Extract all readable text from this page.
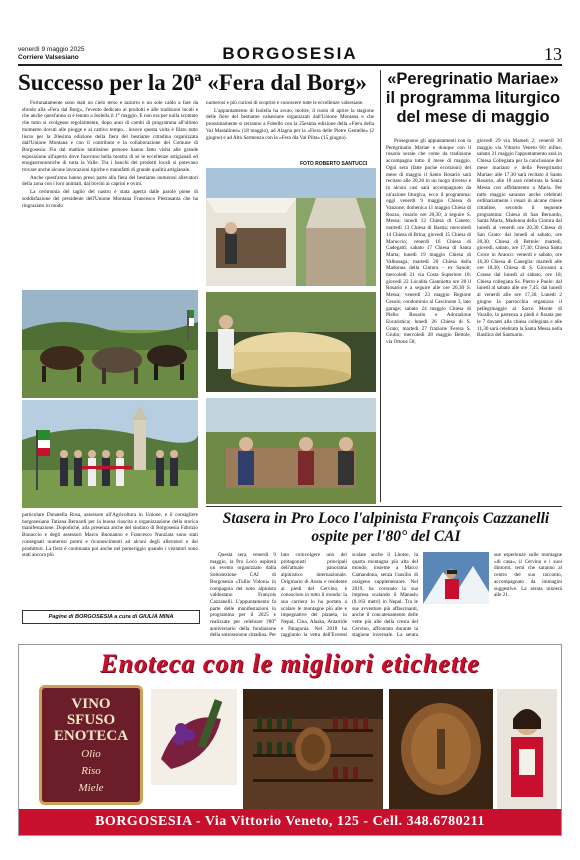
venerdì 9 maggio 2025
Corriere Valsesiano	BORGOSESIA	13
Successo per la 20ª «Fera dal Borg»

Fortunatamente sono stati un cielo terso e azzurro e un sole caldo a fare da sfondo alla «Fera dal Borg», l'evento dedicato ai prodotti e alle tradizioni locali e che anche quest'anno si è tenuto a Isolella il 1° maggio. E non era per nulla scontato che tutto si svolgesse regolarmente, dopo anni di cambi di programma all'ultimo momento dovuti alle piogge e al cattivo tempo... invece questa volta è filato tutto liscio per la 20esima edizione della fiera del bestiame cittadina organizzata dall'Unione Montana e con il contributo e la collaborazione del Comune di Borgosesia. Fin dal mattino tantissime persone hanno fatto visita alle grande esposizione all'aperto dove facevano bella mostra di sé le eccellenze artigianali ed enogastronomiche di tutta la Valle. Tra i banchi dei prodotti locali si potevano trovare anche alcune lavorazioni tipiche e manufatti di grande qualità artigianale.

Anche quest'anno hanno preso parte alla fiera del bestiame numerosi allevatori della zona con i loro animali, dai bovini ai caprini e ovini.

La cerimonia del taglio del nastro è stata aperta dalle parole piene di soddisfazione del presidente dell'Unione Montana Francesco Pietrasanta che ha ringraziato in modo

numerosi e più curiosi di scoprire e conoscere tutte le eccellenze valsesiane.

L'appuntamento di Isolella ha avuto, inoltre, il ruolo di aprire la stagione delle fiere del bestiame valsesiane organizzati dall'Unione Montana e che prossimamente si terranno a Fobello con la 25esima edizione della «Fiera della Val Mastallone» (18 maggio), ad Alagna per la «Fiera delle Pietre Gemelle» (2 giugno) e ad Alto Sermenza con la «Fera dla Val Piita» (15 giugno).

FOTO ROBERTO SANTUCCI

particolare Donatella Rosa, assessore all'Agricoltura in Unione, e il consigliere borgosesiano Tatiana Bernardi per la buona riuscita e organizzazione della storica manifestazione. Dopodiché, alla presenza anche del sindaco di Borgosesia Fabrizio Bonaccio e degli assessori Marco Buonanno e Francesco Nunziata sono stati consegnati numerosi premi e riconoscimenti ad alcuni degli allevatori e dei produttori. La fiera è continuata poi anche nel pomeriggio quando i visitatori sono stati ancora più

Pagine di BORGOSESIA a cura di GIULIA MINA
«Peregrinatio Mariae» il programma liturgico del mese di maggio

Proseguono gli appuntamenti con la Peregrinatio Mariae e dunque con il rosario serale che come da tradizione accompagna tutto il mese di maggio. Ogni sera (fatte poche eccezioni) del mese di maggio il Santo Rosario sarà recitato alle 20,30 in un luogo diverso e in alcuni casi sarà accompagnato da un'azione liturgica, ecco il programma: oggi venerdì 9 maggio Chiesa di Vanzone; domenica 11 maggio Chiesa di Rozzo, rosario ore 20,30, a seguire S. Messa; lunedì 12 Chiesa di Caneto; martedì 13 Chiesa di Bastia; mercoledì 14 Chiesa di Brina; giovedì 15 Chiesa di Maruccio; venerdì 16 Chiesa di Cadegatti; sabato 17 Chiesa di Santa Marta; lunedì 19 maggio Chiesa di Valbusaga; martedì 20 Chiesa della Madonna della Cintura – ex Sanoit; mercoledì 21 via Costa Superiore 18; giovedì 22 Località Giannietta ore 20 il Rosario e a seguire alle ore 20,30 S. Messa; venerdì 23 maggio Regione Cesolo, condominio al Cascinone 3, lato garage; sabato 24 maggio Chiesa di Plello: Rosario e Adorazione Eucaristica; lunedì 26 Chiesa di S. Grato; martedì 27 frazione Ferera S. Giulio; mercoledì 28 maggio Bettole, via Ottone 58;

giovedì 29 via Mameli 2; venerdì 30 maggio via Vittorio Veneto 60; infine, sabato 31 maggio l'appuntamento sarà in Chiesa Collegiata per la conclusione del mese mariano e della Peregrinatio Mariae: alle 17,30 sarà recitato il Santo Rosario, alle 18 sarà celebrata la Santa Messa con affidamento a Maria. Per tutto maggio saranno anche celebrati ordinariamente i rosari in alcune chiese cittadine, secondo il seguente programma: Chiesa di San Bernardo, Santa Marta, Madonna della Cintura dal lunedì al venerdì ore 20,30 Chiesa di San Grato: dal lunedì al sabato, ore 20,30; Chiesa di Bettole: martedì, giovedì, sabato, ore 17,30; Chiesa Santa Croce in Aranco: venerdì e sabato, ore 16,30 Chiesa di Caneglia: martedì alle ore 18,30; Chiesa di S. Giovanni a Crasse dal lunedì al sabato, ore 18; Chiesa collegiata Ss. Pietro e Paolo: dal lunedì al sabato alle ore 7,45; dal lunedì al venerdì alle ore 17,30. Lunedì 2 giugno la parrocchia organizza il pellegrinaggio al Sacro Monte di Varallo, la partenza a piedi è fissata per le 7 davanti alla chiesa collegiata e alle 11,30 sarà celebrata la Santa Messa nella Basilica del Santuario.

Stasera in Pro Loco l'alpinista François Cazzanelli ospite per l'80° del CAI

Questa sera, venerdì 9 maggio, la Pro Loco ospiterà un evento organizzato dalla Sottosezione CAI di Borgosesia «Tullio Vidoni» in compagnia del noto alpinista valdostano François Cazzanelli. L'appuntamento fa parte delle manifestazioni in programma per il 2025 e realizzate per celebrare l'80° anniversario della fondazione della sottosezione cittadina. Per

luto coinvolgere uno dei protagonisti principali dell'attuale panorama alpinistico internazionale. Originario di Aosta e residente ai piedi del Cervino, è conosciuto in tutto il mondo: la sua carriera lo ha portato a scalare le montagne più alte e impegnative del pianeta, in Nepal, Cina, Alaska, Antartide e Patagonia. Nel 2018 ha raggiunto la vetta dell'Everest

scalato anche il Lhotse, la quarta montagna più alta del mondo, insieme a Marco Camandona, senza l'ausilio di ossigeno supplementare. Nel 2019, ha coronato la sua impresa scalando il Manaslu (8.163 metri) in Nepal. Tra le sue avventure più affascinanti, anche il concatenamento delle vette più alte della cresta del Cervino, affrontato durante la stagione invernale. La serata

sue esperienze sulle montagne «di casa», il Cervino e i suoi dintorni, temi che saranno al centro del suo racconto, accompagnato da immagini suggestive. La serata inizierà alle 21.

Enoteca con le migliori etichette
VINO
SFUSO
ENOTECA
Olio
Riso
Miele
BORGOSESIA - Via Vittorio Veneto, 125 - Cell. 348.6780211
